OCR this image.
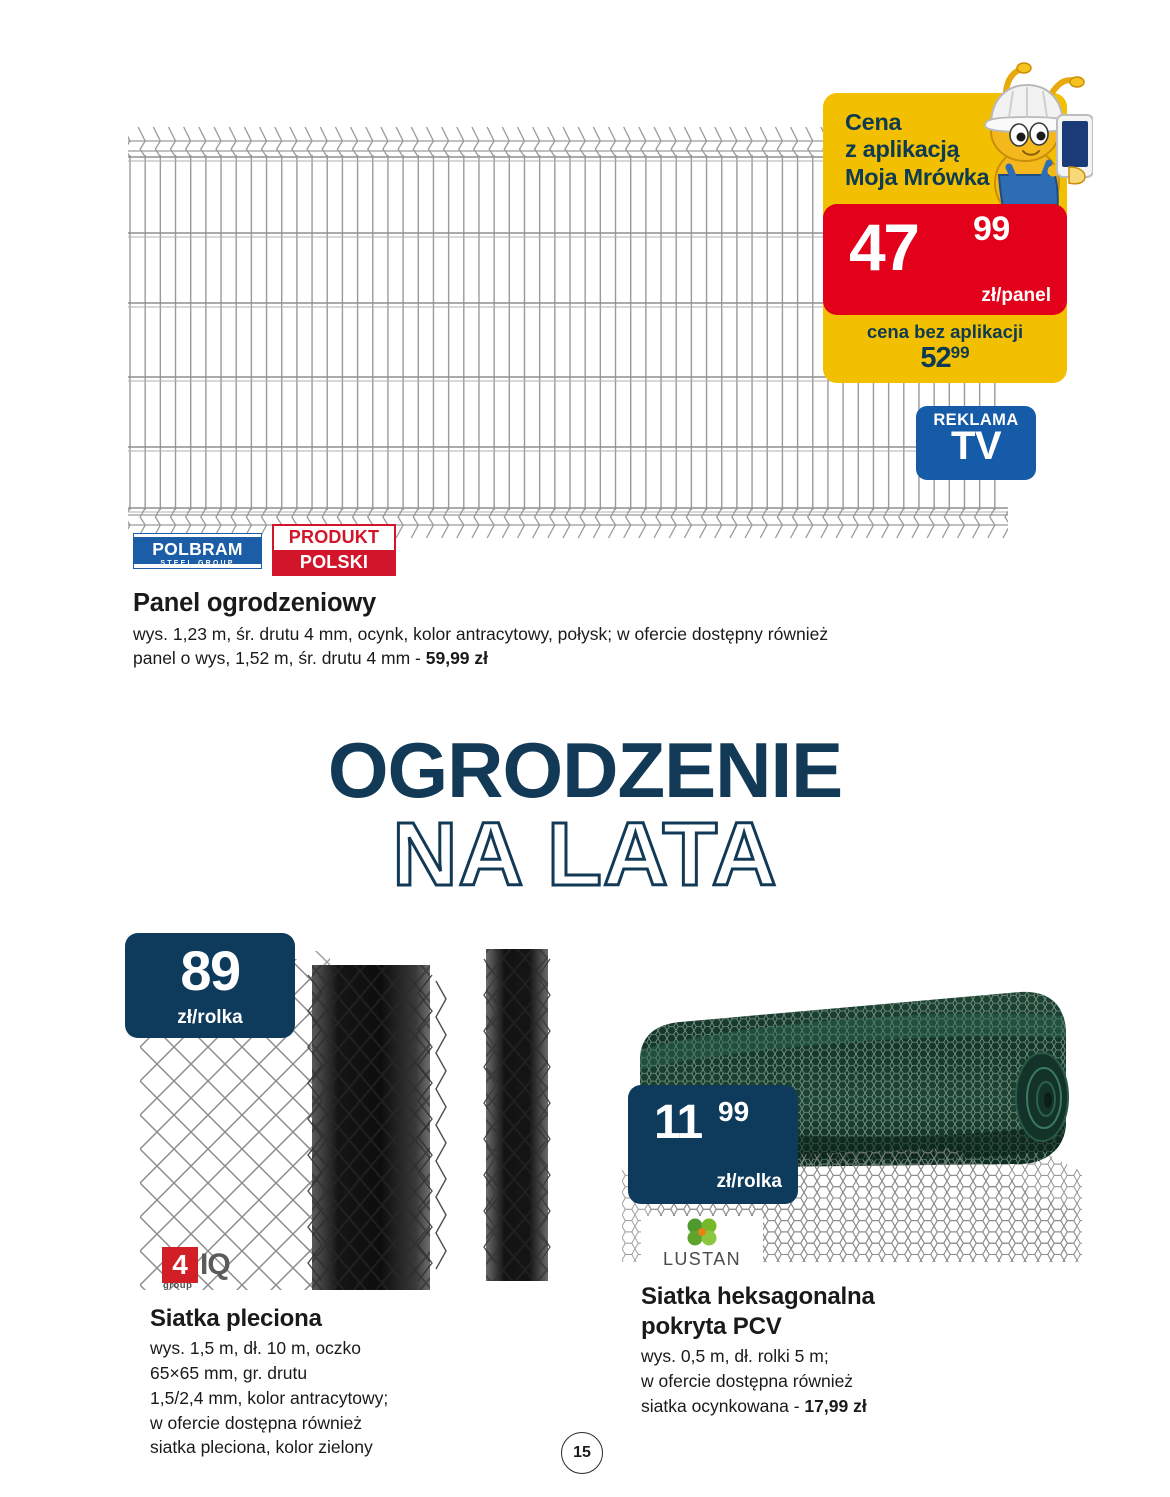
Cena
z aplikacją
Moja Mrówka
47 99
zł/panel
cena bez aplikacji
5299
REKLAMA
TV
POLBRAM
STEEL GROUP
PRODUKT
POLSKI
Panel ogrodzeniowy
wys. 1,23 m, śr. drutu 4 mm, ocynk, kolor antracytowy, połysk; w ofercie dostępny również
panel o wys, 1,52 m, śr. drutu 4 mm - 59,99 zł
OGRODZENIE
NA LATA
89
zł/rolka
4 IQ
group
Siatka pleciona
wys. 1,5 m, dł. 10 m, oczko
65×65 mm, gr. drutu
1,5/2,4 mm, kolor antracytowy;
w ofercie dostępna również
siatka pleciona, kolor zielony
11 99
zł/rolka
LUSTAN
Siatka heksagonalna
pokryta PCV
wys. 0,5 m, dł. rolki 5 m;
w ofercie dostępna również
siatka ocynkowana - 17,99 zł
15
